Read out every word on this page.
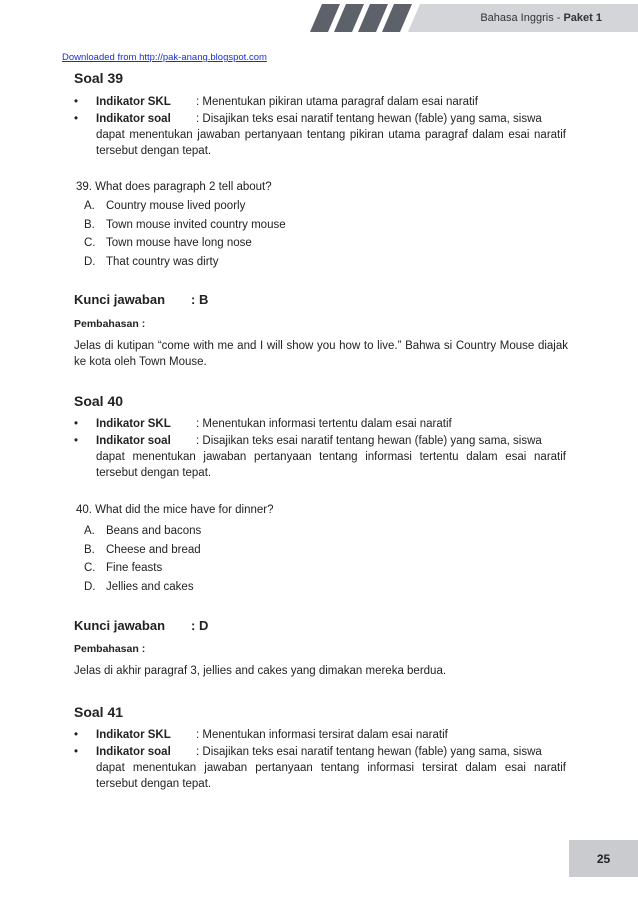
Bahasa Inggris - Paket 1
Downloaded from http://pak-anang.blogspot.com
Soal 39
• Indikator SKL : Menentukan pikiran utama paragraf dalam esai naratif
• Indikator soal : Disajikan teks esai naratif tentang hewan (fable) yang sama, siswa
dapat menentukan jawaban pertanyaan tentang pikiran utama paragraf dalam esai naratif tersebut dengan tepat.
39. What does paragraph 2 tell about?
A. Country mouse lived poorly
B. Town mouse invited country mouse
C. Town mouse have long nose
D. That country was dirty
Kunci jawaban : B
Pembahasan :
Jelas di kutipan “come with me and I will show you how to live.” Bahwa si Country Mouse diajak ke kota oleh Town Mouse.
Soal 40
• Indikator SKL : Menentukan informasi tertentu dalam esai naratif
• Indikator soal : Disajikan teks esai naratif tentang hewan (fable) yang sama, siswa
dapat menentukan jawaban pertanyaan tentang informasi tertentu dalam esai naratif tersebut dengan tepat.
40. What did the mice have for dinner?
A. Beans and bacons
B. Cheese and bread
C. Fine feasts
D. Jellies and cakes
Kunci jawaban : D
Pembahasan :
Jelas di akhir paragraf 3, jellies and cakes yang dimakan mereka berdua.
Soal 41
• Indikator SKL : Menentukan informasi tersirat dalam esai naratif
• Indikator soal : Disajikan teks esai naratif tentang hewan (fable) yang sama, siswa
dapat menentukan jawaban pertanyaan tentang informasi tersirat dalam esai naratif tersebut dengan tepat.
25
